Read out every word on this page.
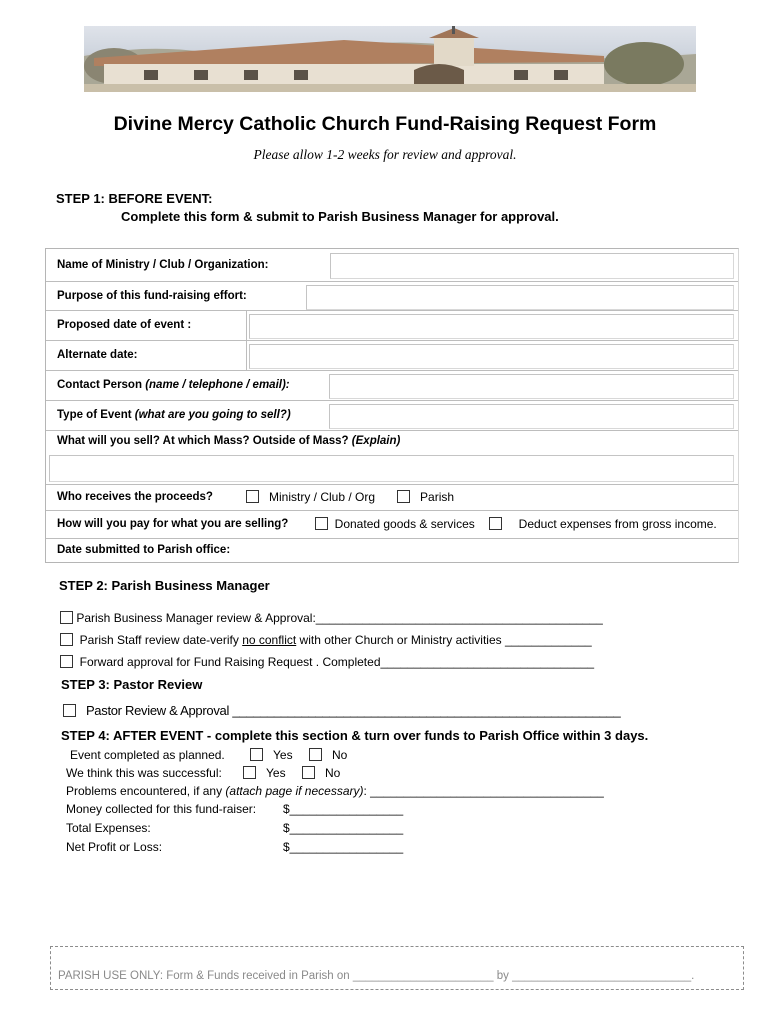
Divine Mercy Catholic Church Fund-Raising Request Form
Please allow 1-2 weeks for review and approval.
STEP 1: BEFORE EVENT:
Complete this form & submit to Parish Business Manager for approval.
Name of Ministry / Club / Organization:
Purpose of this fund-raising effort:
Proposed date of event :
Alternate date:
Contact Person (name / telephone / email):
Type of Event (what are you going to sell?)
What will you sell? At which Mass? Outside of Mass? (Explain)
Who receives the proceeds?	Ministry / Club / Org	Parish
How will you pay for what you are selling?	Donated goods & services	Deduct expenses from gross income.
Date submitted to Parish office:
STEP 2: Parish Business Manager
Parish Business Manager review & Approval:___________________________________________
Parish Staff review date-verify no conflict with other Church or Ministry activities _____________
Forward approval for Fund Raising Request . Completed________________________________
STEP 3: Pastor Review
Pastor Review & Approval ________________________________________________________
STEP 4: AFTER EVENT - complete this section & turn over funds to Parish Office within 3 days.
Event completed as planned.	Yes	No
We think this was successful:	Yes	No
Problems encountered, if any (attach page if necessary): ___________________________________
Money collected for this fund-raiser: $_________________
Total Expenses:	$_________________
Net Profit or Loss:	$_________________
PARISH USE ONLY: Form & Funds received in Parish on ______________________ by ____________________________.
